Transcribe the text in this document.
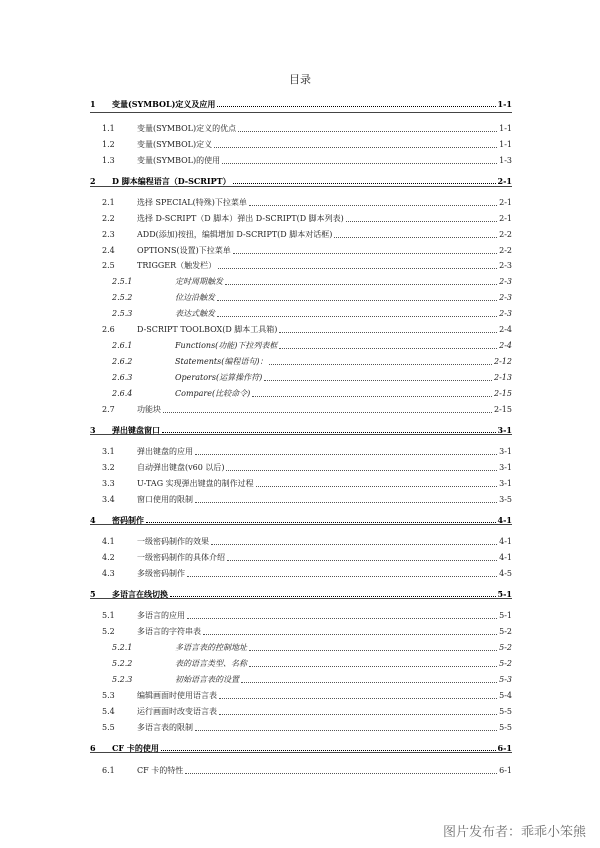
目录
1	变量(SYMBOL)定义及应用	1-1
1.1	变量(SYMBOL)定义的优点	1-1
1.2	变量(SYMBOL)定义	1-1
1.3	变量(SYMBOL)的使用	1-3
2	D 脚本编程语言（D-SCRIPT）	2-1
2.1	选择 SPECIAL(特殊)下拉菜单	2-1
2.2	选择 D-SCRIPT（D 脚本）弹出 D-SCRIPT(D 脚本列表)	2-1
2.3	ADD(添加)按扭，编辑增加 D-SCRIPT(D 脚本对话框)	2-2
2.4	OPTIONS(设置)下拉菜单	2-2
2.5	TRIGGER（触发栏）	2-3
2.5.1	定时周期触发	2-3
2.5.2	位边沿触发	2-3
2.5.3	表达式触发	2-3
2.6	D-SCRIPT TOOLBOX(D 脚本工具箱)	2-4
2.6.1	Functions(功能)下拉列表框	2-4
2.6.2	Statements(编程语句)：	2-12
2.6.3	Operators(运算操作符)	2-13
2.6.4	Compare(比较命令)	2-15
2.7	功能块	2-15
3	弹出键盘窗口	3-1
3.1	弹出键盘的应用	3-1
3.2	自动弹出键盘(v60 以后)	3-1
3.3	U-TAG 实现弹出键盘的制作过程	3-1
3.4	窗口使用的限制	3-5
4	密码制作	4-1
4.1	一级密码制作的效果	4-1
4.2	一级密码制作的具体介绍	4-1
4.3	多级密码制作	4-5
5	多语言在线切换	5-1
5.1	多语言的应用	5-1
5.2	多语言的字符串表	5-2
5.2.1	多语言表的控制地址	5-2
5.2.2	表的语言类型、名称	5-2
5.2.3	初始语言表的设置	5-3
5.3	编辑画面时使用语言表	5-4
5.4	运行画面时改变语言表	5-5
5.5	多语言表的限制	5-5
6	CF 卡的使用	6-1
6.1	CF 卡的特性	6-1
图片发布者：乖乖小笨熊
